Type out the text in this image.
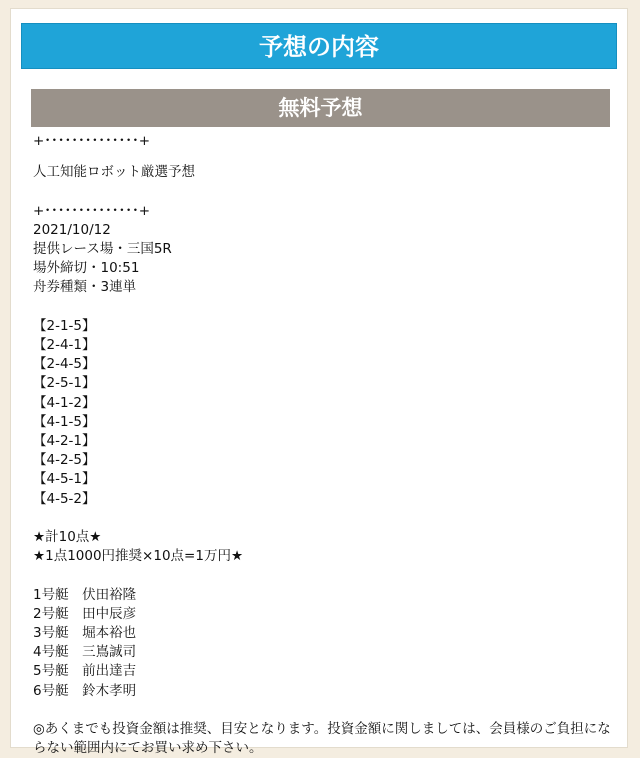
予想の内容
無料予想
+･･････････････+
人工知能ロボット厳選予想
+･･････････････+
2021/10/12
提供レース場・三国5R
場外締切・10:51
舟券種類・3連単
【2-1-5】
【2-4-1】
【2-4-5】
【2-5-1】
【4-1-2】
【4-1-5】
【4-2-1】
【4-2-5】
【4-5-1】
【4-5-2】
★計10点★
★1点1000円推奨×10点=1万円★
1号艇　伏田裕隆
2号艇　田中辰彦
3号艇　堀本裕也
4号艇　三嶌誠司
5号艇　前出達吉
6号艇　鈴木孝明
◎あくまでも投資金額は推奨、目安となります。投資金額に関しましては、会員様のご負担にならない範囲内にてお買い求め下さい。
